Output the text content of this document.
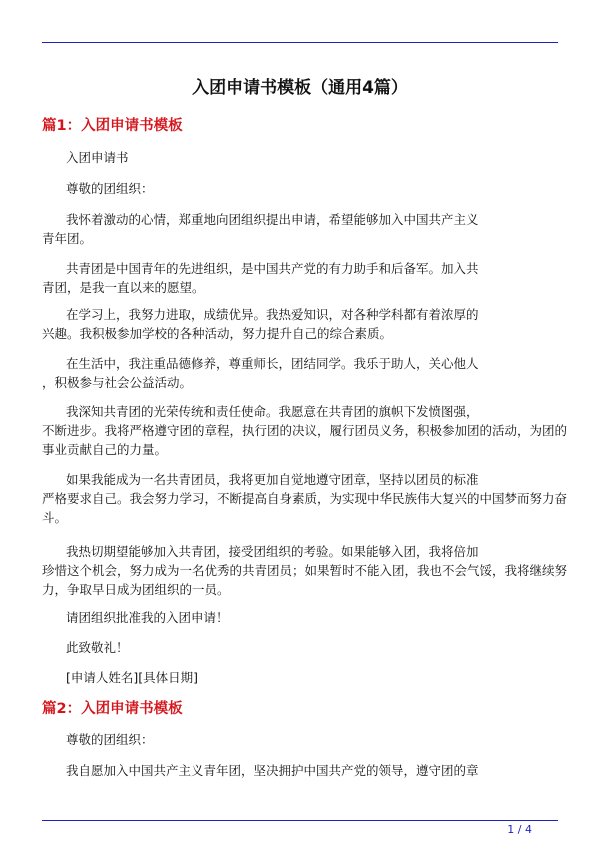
入团申请书模板（通用4篇）
篇1：入团申请书模板

入团申请书

尊敬的团组织：

我怀着激动的心情，郑重地向团组织提出申请，希望能够加入中国共产主义
青年团。

共青团是中国青年的先进组织，是中国共产党的有力助手和后备军。加入共
青团，是我一直以来的愿望。

在学习上，我努力进取，成绩优异。我热爱知识，对各种学科都有着浓厚的
兴趣。我积极参加学校的各种活动，努力提升自己的综合素质。

在生活中，我注重品德修养，尊重师长，团结同学。我乐于助人，关心他人
，积极参与社会公益活动。

我深知共青团的光荣传统和责任使命。我愿意在共青团的旗帜下发愤图强，
不断进步。我将严格遵守团的章程，执行团的决议，履行团员义务，积极参加团的活动，为团的
事业贡献自己的力量。

如果我能成为一名共青团员，我将更加自觉地遵守团章，坚持以团员的标准
严格要求自己。我会努力学习，不断提高自身素质，为实现中华民族伟大复兴的中国梦而努力奋
斗。

我热切期望能够加入共青团，接受团组织的考验。如果能够入团，我将倍加
珍惜这个机会，努力成为一名优秀的共青团员；如果暂时不能入团，我也不会气馁，我将继续努
力，争取早日成为团组织的一员。

请团组织批准我的入团申请！

此致敬礼！

[申请人姓名][具体日期]

篇2：入团申请书模板

尊敬的团组织：

我自愿加入中国共产主义青年团，坚决拥护中国共产党的领导，遵守团的章

1 / 4
